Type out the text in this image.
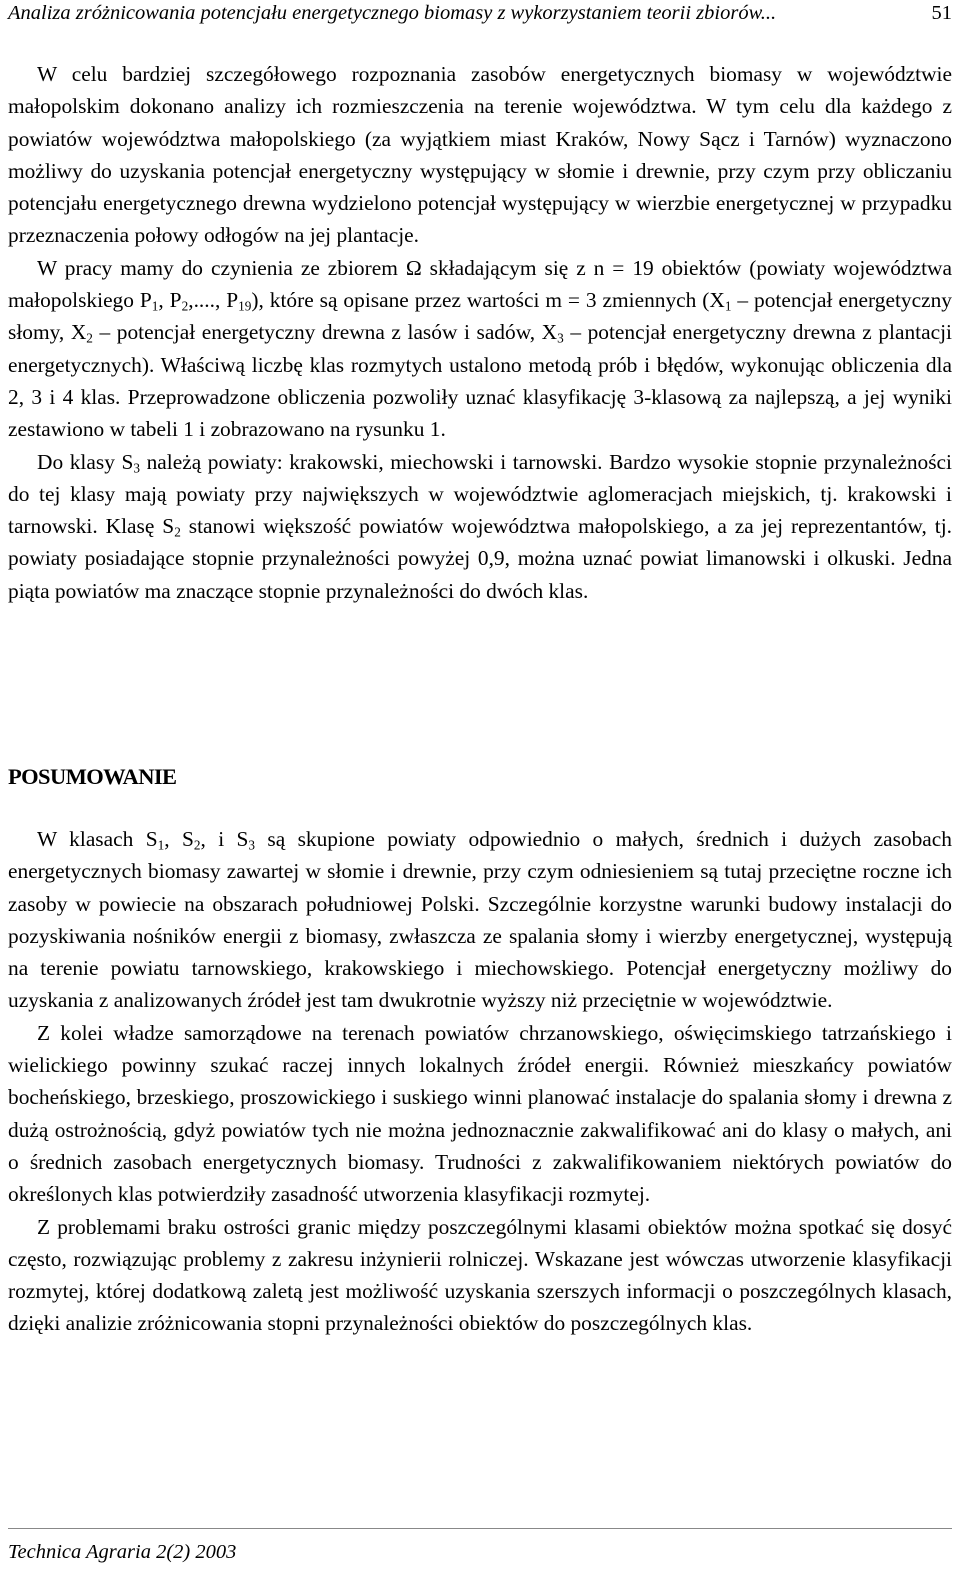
Analiza zróżnicowania potencjału energetycznego biomasy z wykorzystaniem teorii zbiorów...	51

W celu bardziej szczegółowego rozpoznania zasobów energetycznych biomasy w województwie małopolskim dokonano analizy ich rozmieszczenia na terenie województwa. W tym celu dla każdego z powiatów województwa małopolskiego (za wyjątkiem miast Kraków, Nowy Sącz i Tarnów) wyznaczono możliwy do uzyskania potencjał energetyczny występujący w słomie i drewnie, przy czym przy obliczaniu potencjału energetycznego drewna wydzielono potencjał występujący w wierzbie energetycznej w przypadku przeznaczenia połowy odłogów na jej plantacje.

W pracy mamy do czynienia ze zbiorem Ω składającym się z n = 19 obiektów (powiaty województwa małopolskiego $P_1$, $P_2$,...., $P_{19}$), które są opisane przez wartości m = 3 zmiennych ($X_1$ – potencjał energetyczny słomy, $X_2$ – potencjał energetyczny drewna z lasów i sadów, $X_3$ – potencjał energetyczny drewna z plantacji energetycznych). Właściwą liczbę klas rozmytych ustalono metodą prób i błędów, wykonując obliczenia dla 2, 3 i 4 klas. Przeprowadzone obliczenia pozwoliły uznać klasyfikację 3-klasową za najlepszą, a jej wyniki zestawiono w tabeli 1 i zobrazowano na rysunku 1.

Do klasy $S_3$ należą powiaty: krakowski, miechowski i tarnowski. Bardzo wysokie stopnie przynależności do tej klasy mają powiaty przy największych w województwie aglomeracjach miejskich, tj. krakowski i tarnowski. Klasę $S_2$ stanowi większość powiatów województwa małopolskiego, a za jej reprezentantów, tj. powiaty posiadające stopnie przynależności powyżej 0,9, można uznać powiat limanowski i olkuski. Jedna piąta powiatów ma znaczące stopnie przynależności do dwóch klas.

POSUMOWANIE

W klasach $S_1$, $S_2$, i $S_3$ są skupione powiaty odpowiednio o małych, średnich i dużych zasobach energetycznych biomasy zawartej w słomie i drewnie, przy czym odniesieniem są tutaj przeciętne roczne ich zasoby w powiecie na obszarach południowej Polski. Szczególnie korzystne warunki budowy instalacji do pozyskiwania nośników energii z biomasy, zwłaszcza ze spalania słomy i wierzby energetycznej, występują na terenie powiatu tarnowskiego, krakowskiego i miechowskiego. Potencjał energetyczny możliwy do uzyskania z analizowanych źródeł jest tam dwukrotnie wyższy niż przeciętnie w województwie.

Z kolei władze samorządowe na terenach powiatów chrzanowskiego, oświęcimskiego tatrzańskiego i wielickiego powinny szukać raczej innych lokalnych źródeł energii. Również mieszkańcy powiatów bocheńskiego, brzeskiego, proszowickiego i suskiego winni planować instalacje do spalania słomy i drewna z dużą ostrożnością, gdyż powiatów tych nie można jednoznacznie zakwalifikować ani do klasy o małych, ani o średnich zasobach energetycznych biomasy. Trudności z zakwalifikowaniem niektórych powiatów do określonych klas potwierdziły zasadność utworzenia klasyfikacji rozmytej.

Z problemami braku ostrości granic między poszczególnymi klasami obiektów można spotkać się dosyć często, rozwiązując problemy z zakresu inżynierii rolniczej. Wskazane jest wówczas utworzenie klasyfikacji rozmytej, której dodatkową zaletą jest możliwość uzyskania szerszych informacji o poszczególnych klasach, dzięki analizie zróżnicowania stopni przynależności obiektów do poszczególnych klas.

Technica Agraria 2(2) 2003
